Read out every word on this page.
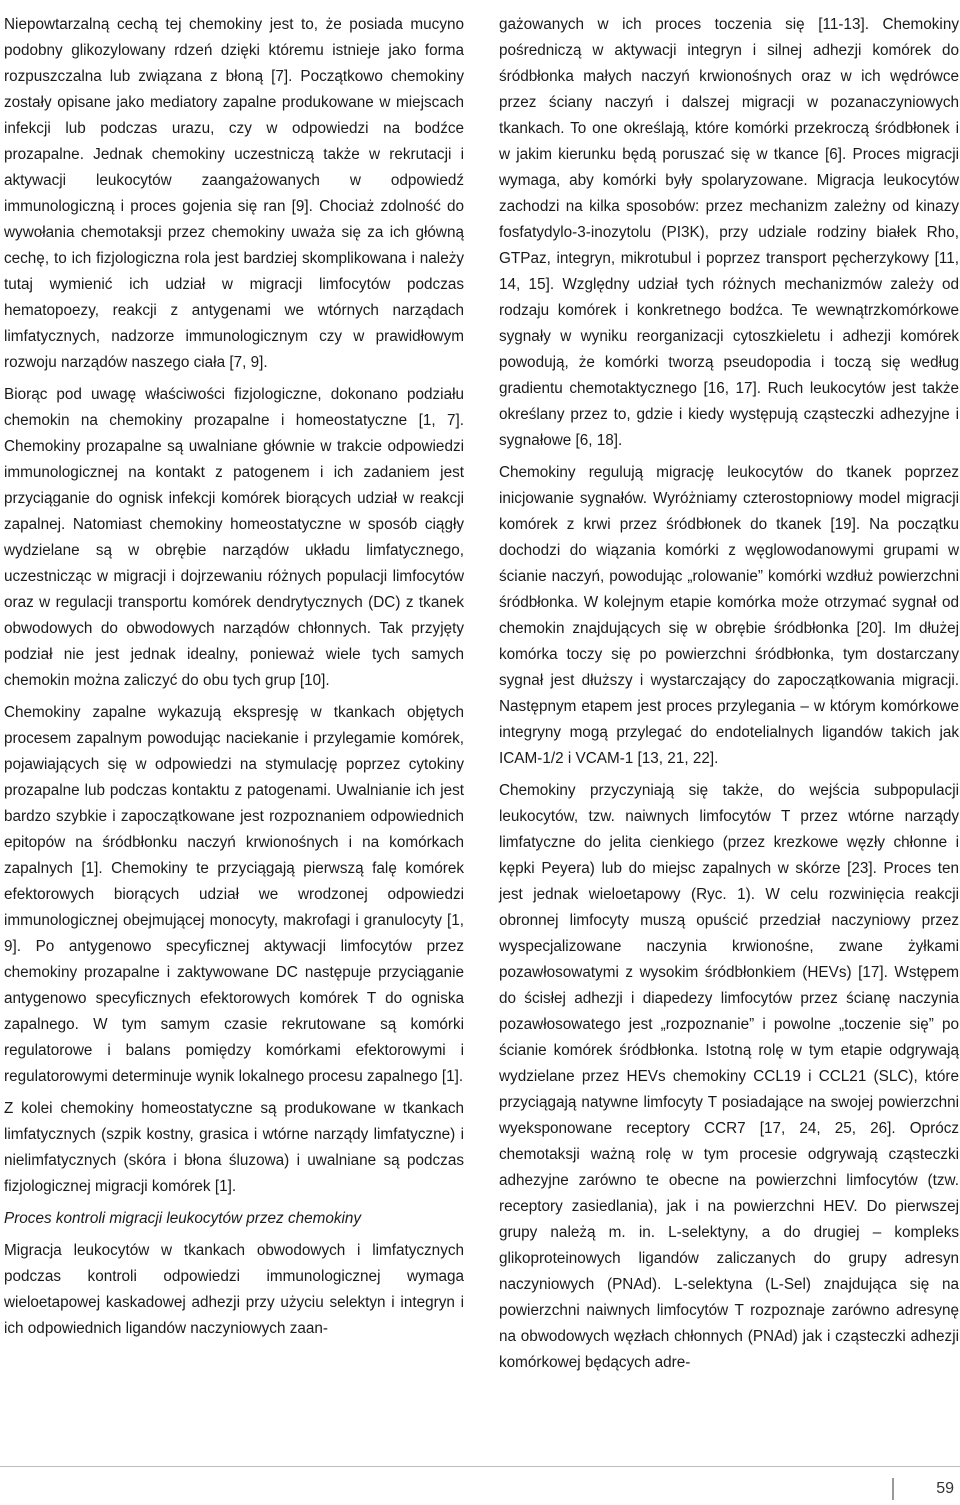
Niepowtarzalną cechą tej chemokiny jest to, że posiada mucyno podobny glikozylowany rdzeń dzięki któremu istnieje jako forma rozpuszczalna lub związana z błoną [7]. Początkowo chemokiny zostały opisane jako mediatory zapalne produkowane w miejscach infekcji lub podczas urazu, czy w odpowiedzi na bodźce prozapalne. Jednak chemokiny uczestniczą także w rekrutacji i aktywacji leukocytów zaangażowanych w odpowiedź immunologiczną i proces gojenia się ran [9]. Chociaż zdolność do wywołania chemotaksji przez chemokiny uważa się za ich główną cechę, to ich fizjologiczna rola jest bardziej skomplikowana i należy tutaj wymienić ich udział w migracji limfocytów podczas hematopoezy, reakcji z antygenami we wtórnych narządach limfatycznych, nadzorze immunologicznym czy w prawidłowym rozwoju narządów naszego ciała [7, 9].

Biorąc pod uwagę właściwości fizjologiczne, dokonano podziału chemokin na chemokiny prozapalne i homeostatyczne [1, 7]. Chemokiny prozapalne są uwalniane głównie w trakcie odpowiedzi immunologicznej na kontakt z patogenem i ich zadaniem jest przyciąganie do ognisk infekcji komórek biorących udział w reakcji zapalnej. Natomiast chemokiny homeostatyczne w sposób ciągły wydzielane są w obrębie narządów układu limfatycznego, uczestnicząc w migracji i dojrzewaniu różnych populacji limfocytów oraz w regulacji transportu komórek dendrytycznych (DC) z tkanek obwodowych do obwodowych narządów chłonnych. Tak przyjęty podział nie jest jednak idealny, ponieważ wiele tych samych chemokin można zaliczyć do obu tych grup [10].

Chemokiny zapalne wykazują ekspresję w tkankach objętych procesem zapalnym powodując naciekanie i przylegamie komórek, pojawiających się w odpowiedzi na stymulację poprzez cytokiny prozapalne lub podczas kontaktu z patogenami. Uwalnianie ich jest bardzo szybkie i zapoczątkowane jest rozpoznaniem odpowiednich epitopów na śródbłonku naczyń krwionośnych i na komórkach zapalnych [1]. Chemokiny te przyciągają pierwszą falę komórek efektorowych biorących udział we wrodzonej odpowiedzi immunologicznej obejmującej monocyty, makrofagi i granulocyty [1, 9]. Po antygenowo specyficznej aktywacji limfocytów przez chemokiny prozapalne i zaktywowane DC następuje przyciąganie antygenowo specyficznych efektorowych komórek T do ogniska zapalnego. W tym samym czasie rekrutowane są komórki regulatorowe i balans pomiędzy komórkami efektorowymi i regulatorowymi determinuje wynik lokalnego procesu zapalnego [1].

Z kolei chemokiny homeostatyczne są produkowane w tkankach limfatycznych (szpik kostny, grasica i wtórne narządy limfatyczne) i nielimfatycznych (skóra i błona śluzowa) i uwalniane są podczas fizjologicznej migracji komórek [1].

Proces kontroli migracji leukocytów przez chemokiny

Migracja leukocytów w tkankach obwodowych i limfatycznych podczas kontroli odpowiedzi immunologicznej wymaga wieloetapowej kaskadowej adhezji przy użyciu selektyn i integryn i ich odpowiednich ligandów naczyniowych zaan-

gażowanych w ich proces toczenia się [11-13]. Chemokiny pośredniczą w aktywacji integryn i silnej adhezji komórek do śródbłonka małych naczyń krwionośnych oraz w ich wędrówce przez ściany naczyń i dalszej migracji w pozanaczyniowych tkankach. To one określają, które komórki przekroczą śródbłonek i w jakim kierunku będą poruszać się w tkance [6]. Proces migracji wymaga, aby komórki były spolaryzowane. Migracja leukocytów zachodzi na kilka sposobów: przez mechanizm zależny od kinazy fosfatydylo-3-inozytolu (PI3K), przy udziale rodziny białek Rho, GTPaz, integryn, mikrotubul i poprzez transport pęcherzykowy [11, 14, 15]. Względny udział tych różnych mechanizmów zależy od rodzaju komórek i konkretnego bodźca. Te wewnątrzkomórkowe sygnały w wyniku reorganizacji cytoszkieletu i adhezji komórek powodują, że komórki tworzą pseudopodia i toczą się według gradientu chemotaktycznego [16, 17]. Ruch leukocytów jest także określany przez to, gdzie i kiedy występują cząsteczki adhezyjne i sygnałowe [6, 18].

Chemokiny regulują migrację leukocytów do tkanek poprzez inicjowanie sygnałów. Wyróżniamy czterostopniowy model migracji komórek z krwi przez śródbłonek do tkanek [19]. Na początku dochodzi do wiązania komórki z węglowodanowymi grupami w ścianie naczyń, powodując „rolowanie” komórki wzdłuż powierzchni śródbłonka. W kolejnym etapie komórka może otrzymać sygnał od chemokin znajdujących się w obrębie śródbłonka [20]. Im dłużej komórka toczy się po powierzchni śródbłonka, tym dostarczany sygnał jest dłuższy i wystarczający do zapoczątkowania migracji. Następnym etapem jest proces przylegania – w którym komórkowe integryny mogą przylegać do endotelialnych ligandów takich jak ICAM-1/2 i VCAM-1 [13, 21, 22].

Chemokiny przyczyniają się także, do wejścia subpopulacji leukocytów, tzw. naiwnych limfocytów T przez wtórne narządy limfatyczne do jelita cienkiego (przez krezkowe węzły chłonne i kępki Peyera) lub do miejsc zapalnych w skórze [23]. Proces ten jest jednak wieloetapowy (Ryc. 1). W celu rozwinięcia reakcji obronnej limfocyty muszą opuścić przedział naczyniowy przez wyspecjalizowane naczynia krwionośne, zwane żyłkami pozawłosowatymi z wysokim śródbłonkiem (HEVs) [17]. Wstępem do ścisłej adhezji i diapedezy limfocytów przez ścianę naczynia pozawłosowatego jest „rozpoznanie” i powolne „toczenie się” po ścianie komórek śródbłonka. Istotną rolę w tym etapie odgrywają wydzielane przez HEVs chemokiny CCL19 i CCL21 (SLC), które przyciągają natywne limfocyty T posiadające na swojej powierzchni wyeksponowane receptory CCR7 [17, 24, 25, 26]. Oprócz chemotaksji ważną rolę w tym procesie odgrywają cząsteczki adhezyjne zarówno te obecne na powierzchni limfocytów (tzw. receptory zasiedlania), jak i na powierzchni HEV. Do pierwszej grupy należą m. in. L-selektyny, a do drugiej – kompleks glikoproteinowych ligandów zaliczanych do grupy adresyn naczyniowych (PNAd). L-selektyna (L-Sel) znajdująca się na powierzchni naiwnych limfocytów T rozpoznaje zarówno adresynę na obwodowych węzłach chłonnych (PNAd) jak i cząsteczki adhezji komórkowej będących adre-

59
